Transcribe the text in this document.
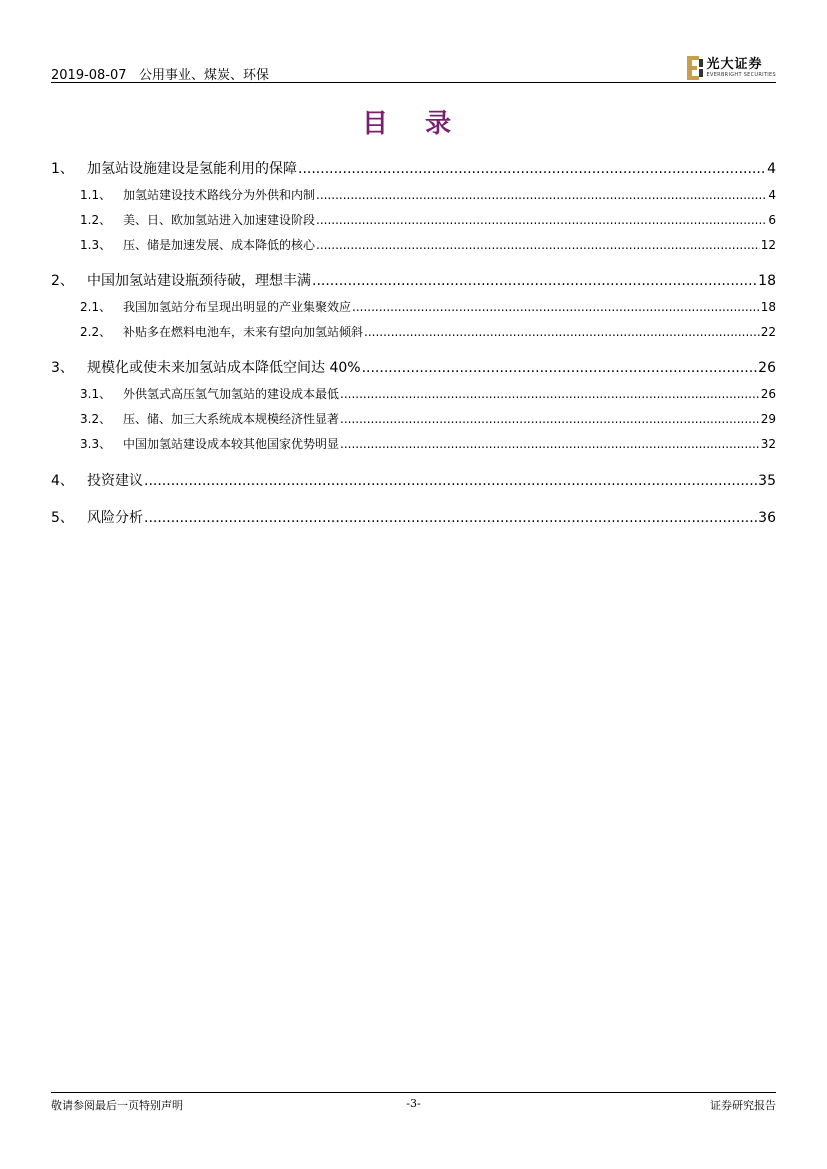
2019-08-07 公用事业、煤炭、环保
光大证券
EVERBRIGHT SECURITIES
目 录
1、 加氢站设施建设是氢能利用的保障 .....	4
1.1、 加氢站建设技术路线分为外供和内制 .....	4
1.2、 美、日、欧加氢站进入加速建设阶段 .....	6
1.3、 压、储是加速发展、成本降低的核心 .....	12
2、 中国加氢站建设瓶颈待破，理想丰满 .....	18
2.1、 我国加氢站分布呈现出明显的产业集聚效应 .....	18
2.2、 补贴多在燃料电池车，未来有望向加氢站倾斜 .....	22
3、 规模化或使未来加氢站成本降低空间达 40% .....	26
3.1、 外供氢式高压氢气加氢站的建设成本最低 .....	26
3.2、 压、储、加三大系统成本规模经济性显著 .....	29
3.3、 中国加氢站建设成本较其他国家优势明显 .....	32
4、 投资建议 .....	35
5、 风险分析 .....	36
敬请参阅最后一页特别声明	-3-	证券研究报告
